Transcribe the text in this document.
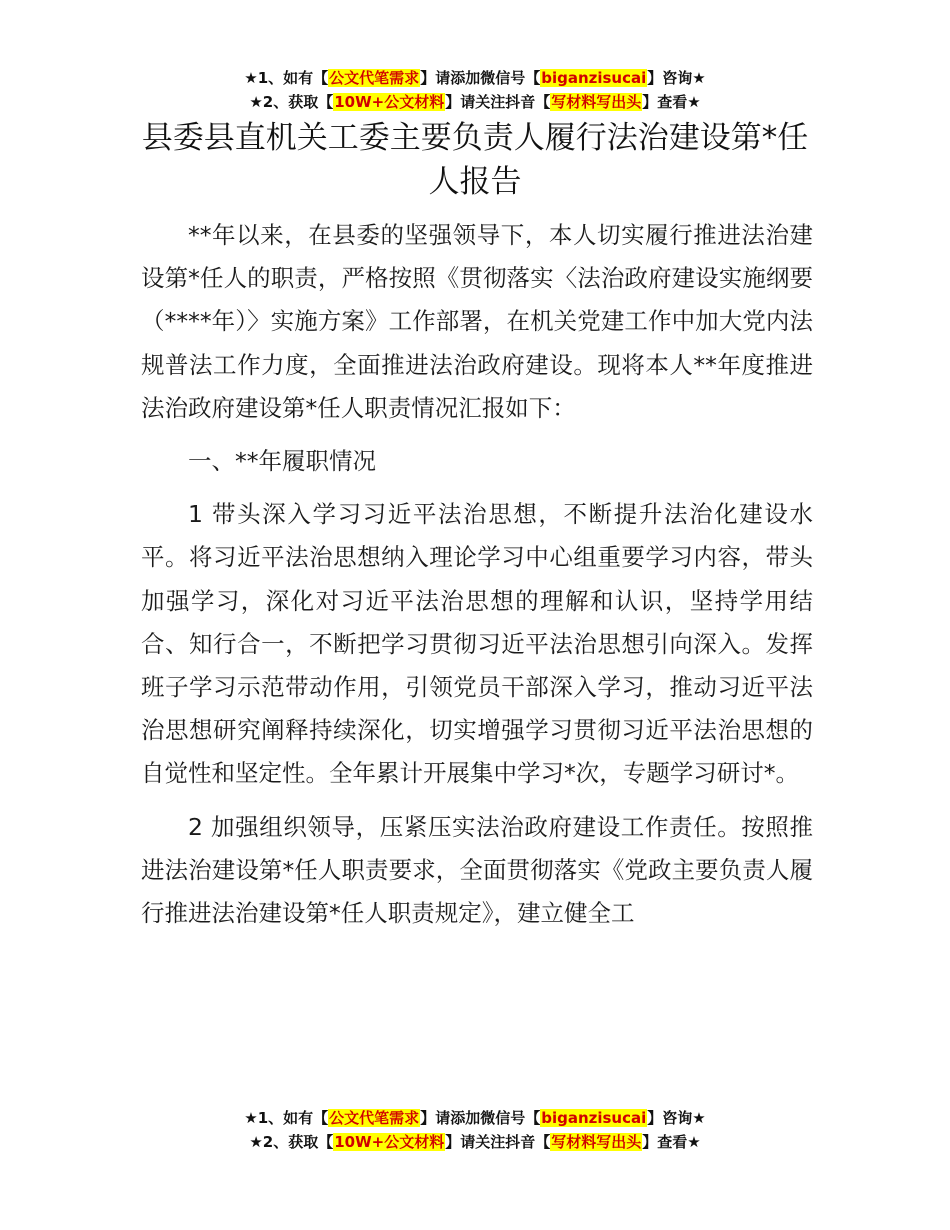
★1、如有【公文代笔需求】请添加微信号【biganzisucai】咨询★
★2、获取【10W+公文材料】请关注抖音【写材料写出头】查看★
县委县直机关工委主要负责人履行法治建设第*任人报告

**年以来，在县委的坚强领导下，本人切实履行推进法治建设第*任人的职责，严格按照《贯彻落实〈法治政府建设实施纲要（****年）〉实施方案》工作部署，在机关党建工作中加大党内法规普法工作力度，全面推进法治政府建设。现将本人**年度推进法治政府建设第*任人职责情况汇报如下：

一、**年履职情况

1 带头深入学习习近平法治思想，不断提升法治化建设水平。将习近平法治思想纳入理论学习中心组重要学习内容，带头加强学习，深化对习近平法治思想的理解和认识，坚持学用结合、知行合一，不断把学习贯彻习近平法治思想引向深入。发挥班子学习示范带动作用，引领党员干部深入学习，推动习近平法治思想研究阐释持续深化，切实增强学习贯彻习近平法治思想的自觉性和坚定性。全年累计开展集中学习*次，专题学习研讨*。

2 加强组织领导，压紧压实法治政府建设工作责任。按照推进法治建设第*任人职责要求，全面贯彻落实《党政主要负责人履行推进法治建设第*任人职责规定》，建立健全工

★1、如有【公文代笔需求】请添加微信号【biganzisucai】咨询★
★2、获取【10W+公文材料】请关注抖音【写材料写出头】查看★
